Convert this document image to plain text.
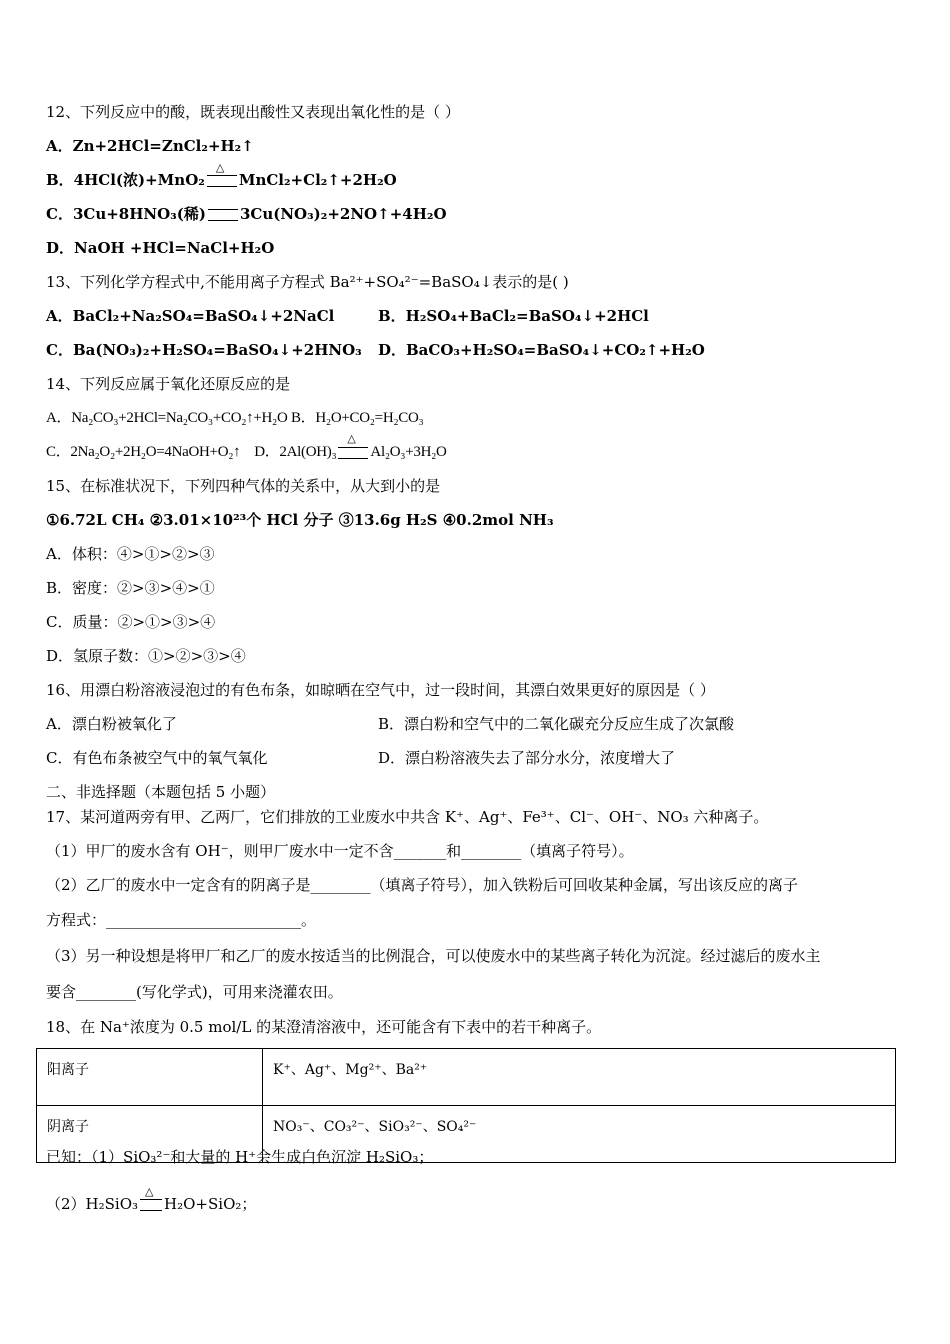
12、下列反应中的酸，既表现出酸性又表现出氧化性的是（ ）
A．Zn+2HCl=ZnCl₂+H₂↑
B．4HCl(浓)+MnO₂
△
MnCl₂+Cl₂↑+2H₂O
C．3Cu+8HNO₃(稀) 3Cu(NO₃)₂+2NO↑+4H₂O
D．NaOH +HCl=NaCl+H₂O
13、下列化学方程式中,不能用离子方程式 Ba²⁺+SO₄²⁻=BaSO₄↓表示的是( )
A．BaCl₂+Na₂SO₄=BaSO₄↓+2NaCl	B．H₂SO₄+BaCl₂=BaSO₄↓+2HCl
C．Ba(NO₃)₂+H₂SO₄=BaSO₄↓+2HNO₃ D．BaCO₃+H₂SO₄=BaSO₄↓+CO₂↑+H₂O
14、下列反应属于氧化还原反应的是
A．Na₂CO₃+2HCl=Na₂CO₃+CO₂↑+H₂O B．H₂O+CO₂=H₂CO₃
C．2Na₂O₂+2H₂O=4NaOH+O₂↑ D．2Al(OH)₃
△
Al₂O₃+3H₂O
15、在标准状况下，下列四种气体的关系中，从大到小的是
①6.72L CH₄ ②3.01×10²³个 HCl 分子 ③13.6g H₂S ④0.2mol NH₃
A．体积：④>①>②>③
B．密度：②>③>④>①
C．质量：②>①>③>④
D．氢原子数：①>②>③>④
16、用漂白粉溶液浸泡过的有色布条，如晾晒在空气中，过一段时间，其漂白效果更好的原因是（ ）
A．漂白粉被氧化了	B．漂白粉和空气中的二氧化碳充分反应生成了次氯酸
C．有色布条被空气中的氧气氧化	D．漂白粉溶液失去了部分水分，浓度增大了
二、非选择题（本题包括 5 小题）
17、某河道两旁有甲、乙两厂，它们排放的工业废水中共含 K⁺、Ag⁺、Fe³⁺、Cl⁻、OH⁻、NO₃ 六种离子。
（1）甲厂的废水含有 OH⁻，则甲厂废水中一定不含_______和________（填离子符号）。
（2）乙厂的废水中一定含有的阴离子是________（填离子符号），加入铁粉后可回收某种金属，写出该反应的离子
方程式：__________________________。
（3）另一种设想是将甲厂和乙厂的废水按适当的比例混合，可以使废水中的某些离子转化为沉淀。经过滤后的废水主
要含________(写化学式)，可用来浇灌农田。
18、在 Na⁺浓度为 0.5 mol/L 的某澄清溶液中，还可能含有下表中的若干种离子。
阳离子	K⁺、Ag⁺、Mg²⁺、Ba²⁺
阴离子	NO₃⁻、CO₃²⁻、SiO₃²⁻、SO₄²⁻
已知：（1）SiO₃²⁻和大量的 H⁺会生成白色沉淀 H₂SiO₃；
（2）H₂SiO₃
△
H₂O+SiO₂；
